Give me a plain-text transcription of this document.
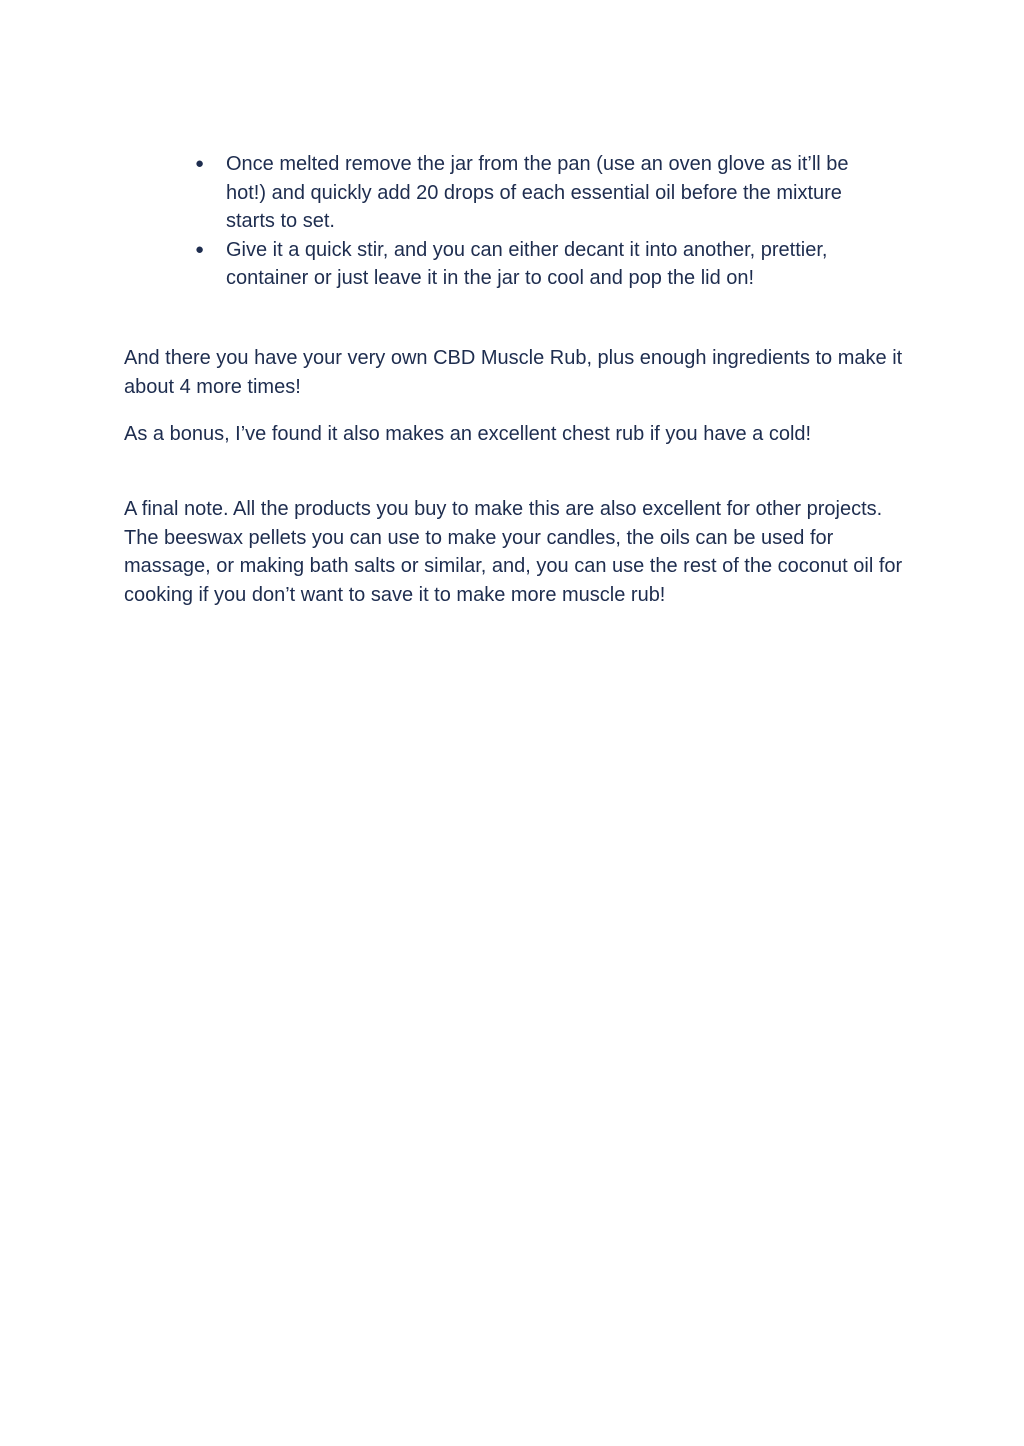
● Once melted remove the jar from the pan (use an oven glove as it’ll be hot!) and quickly add 20 drops of each essential oil before the mixture starts to set.
● Give it a quick stir, and you can either decant it into another, prettier, container or just leave it in the jar to cool and pop the lid on!

And there you have your very own CBD Muscle Rub, plus enough ingredients to make it about 4 more times!

As a bonus, I’ve found it also makes an excellent chest rub if you have a cold!

A final note. All the products you buy to make this are also excellent for other projects. The beeswax pellets you can use to make your candles, the oils can be used for massage, or making bath salts or similar, and, you can use the rest of the coconut oil for cooking if you don’t want to save it to make more muscle rub!
